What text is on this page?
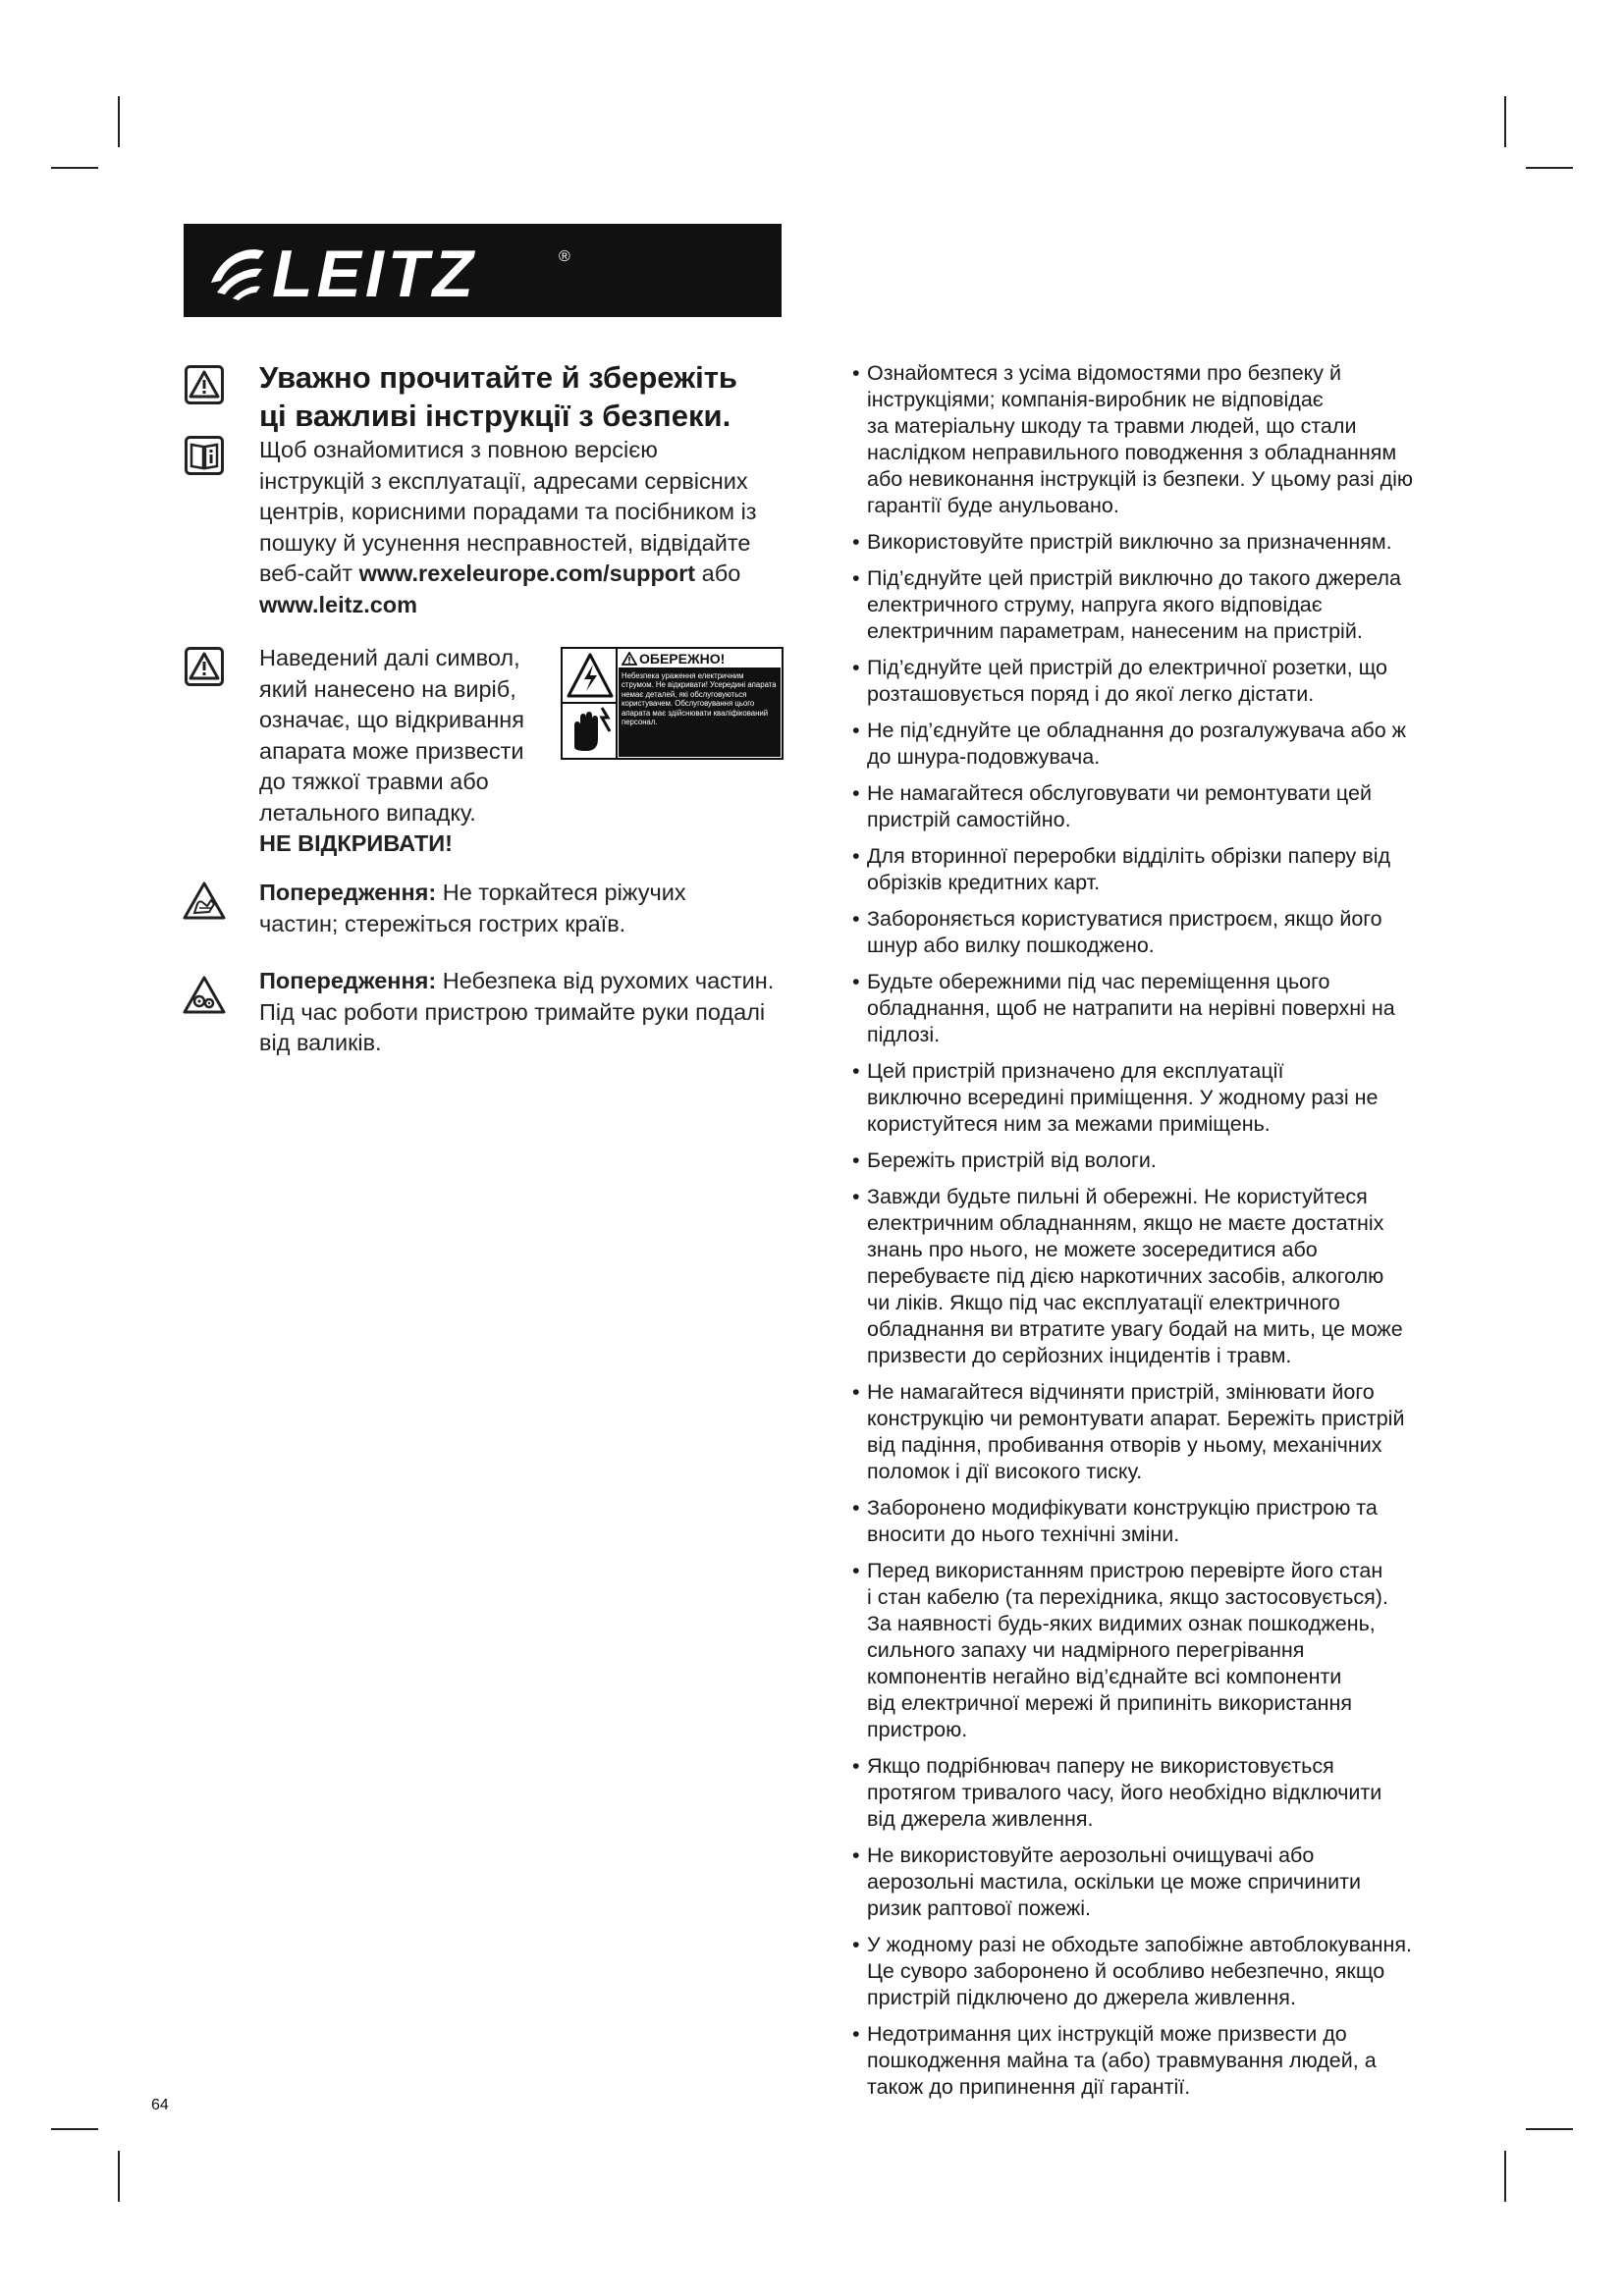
LEITZ	®
Уважно прочитайте й збережіть
ці важливі інструкції з безпеки.
Щоб ознайомитися з повною версією
інструкцій з експлуатації, адресами сервісних
центрів, корисними порадами та посібником із
пошуку й усунення несправностей, відвідайте
веб-сайт www.rexeleurope.com/support або
www.leitz.com
Наведений далі символ,
який нанесено на виріб,
означає, що відкривання
апарата може призвести
до тяжкої травми або
летального випадку.
НЕ ВІДКРИВАТИ!
ОБЕРЕЖНО!
Небезпека ураження електричним струмом. Не відкривати! Усередині апарата немає деталей, які обслуговуються користувачем. Обслуговування цього апарата має здійснювати кваліфікований персонал.
Попередження: Не торкайтеся ріжучих
частин; стережіться гострих країв.
Попередження: Небезпека від рухомих частин.
Під час роботи пристрою тримайте руки подалі
від валиків.
• Ознайомтеся з усіма відомостями про безпеку й
інструкціями; компанія-виробник не відповідає
за матеріальну шкоду та травми людей, що стали
наслідком неправильного поводження з обладнанням
або невиконання інструкцій із безпеки. У цьому разі дію
гарантії буде анульовано.
• Використовуйте пристрій виключно за призначенням.
• Під’єднуйте цей пристрій виключно до такого джерела
електричного струму, напруга якого відповідає
електричним параметрам, нанесеним на пристрій.
• Під’єднуйте цей пристрій до електричної розетки, що
розташовується поряд і до якої легко дістати.
• Не під’єднуйте це обладнання до розгалужувача або ж
до шнура-подовжувача.
• Не намагайтеся обслуговувати чи ремонтувати цей
пристрій самостійно.
• Для вторинної переробки відділіть обрізки паперу від
обрізків кредитних карт.
• Забороняється користуватися пристроєм, якщо його
шнур або вилку пошкоджено.
• Будьте обережними під час переміщення цього
обладнання, щоб не натрапити на нерівні поверхні на
підлозі.
• Цей пристрій призначено для експлуатації
виключно всередині приміщення. У жодному разі не
користуйтеся ним за межами приміщень.
• Бережіть пристрій від вологи.
• Завжди будьте пильні й обережні. Не користуйтеся
електричним обладнанням, якщо не маєте достатніх
знань про нього, не можете зосередитися або
перебуваєте під дією наркотичних засобів, алкоголю
чи ліків. Якщо під час експлуатації електричного
обладнання ви втратите увагу бодай на мить, це може
призвести до серйозних інцидентів і травм.
• Не намагайтеся відчиняти пристрій, змінювати його
конструкцію чи ремонтувати апарат. Бережіть пристрій
від падіння, пробивання отворів у ньому, механічних
поломок і дії високого тиску.
• Заборонено модифікувати конструкцію пристрою та
вносити до нього технічні зміни.
• Перед використанням пристрою перевірте його стан
і стан кабелю (та перехідника, якщо застосовується).
За наявності будь-яких видимих ознак пошкоджень,
сильного запаху чи надмірного перегрівання
компонентів негайно від’єднайте всі компоненти
від електричної мережі й припиніть використання
пристрою.
• Якщо подрібнювач паперу не використовується
протягом тривалого часу, його необхідно відключити
від джерела живлення.
• Не використовуйте аерозольні очищувачі або
аерозольні мастила, оскільки це може спричинити
ризик раптової пожежі.
• У жодному разі не обходьте запобіжне автоблокування.
Це суворо заборонено й особливо небезпечно, якщо
пристрій підключено до джерела живлення.
• Недотримання цих інструкцій може призвести до
пошкодження майна та (або) травмування людей, а
також до припинення дії гарантії.
64
